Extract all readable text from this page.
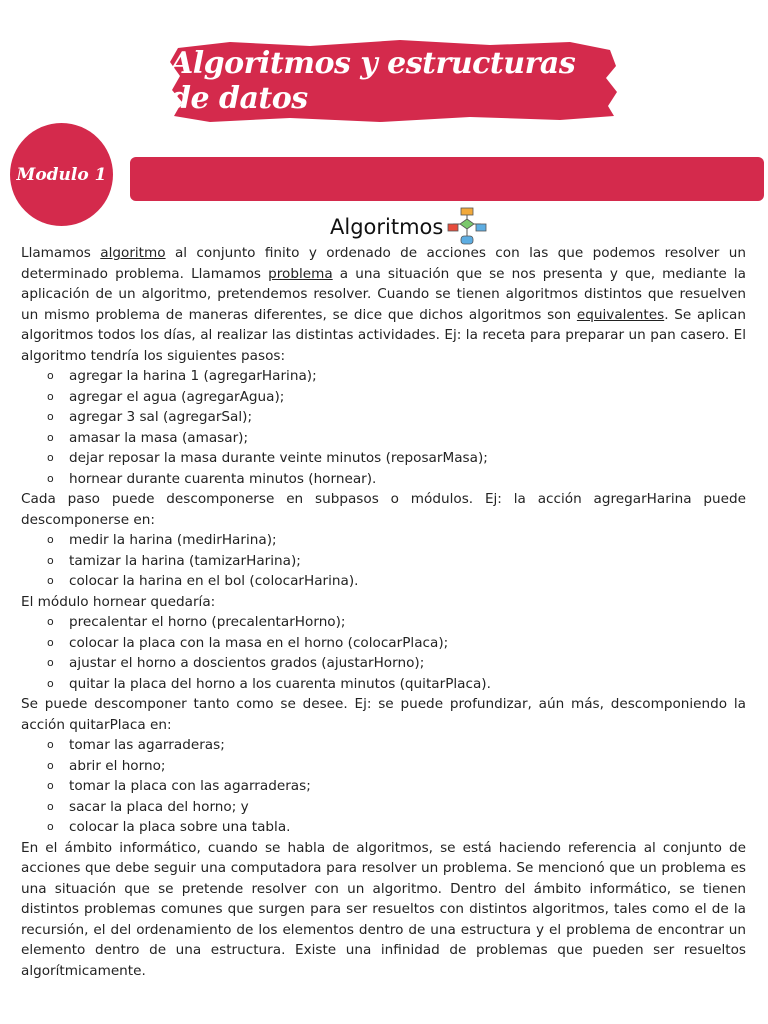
Algoritmos y estructuras de datos
Modulo 1
Algoritmos

Llamamos algoritmo al conjunto finito y ordenado de acciones con las que podemos resolver un determinado problema. Llamamos problema a una situación que se nos presenta y que, mediante la aplicación de un algoritmo, pretendemos resolver. Cuando se tienen algoritmos distintos que resuelven un mismo problema de maneras diferentes, se dice que dichos algoritmos son equivalentes. Se aplican algoritmos todos los días, al realizar las distintas actividades. Ej: la receta para preparar un pan casero. El algoritmo tendría los siguientes pasos:

o agregar la harina 1 (agregarHarina);
o agregar el agua (agregarAgua);
o agregar 3 sal (agregarSal);
o amasar la masa (amasar);
o dejar reposar la masa durante veinte minutos (reposarMasa);
o hornear durante cuarenta minutos (hornear).

Cada paso puede descomponerse en subpasos o módulos. Ej: la acción agregarHarina puede descomponerse en:

o medir la harina (medirHarina);
o tamizar la harina (tamizarHarina);
o colocar la harina en el bol (colocarHarina).

El módulo hornear quedaría:

o precalentar el horno (precalentarHorno);
o colocar la placa con la masa en el horno (colocarPlaca);
o ajustar el horno a doscientos grados (ajustarHorno);
o quitar la placa del horno a los cuarenta minutos (quitarPlaca).

Se puede descomponer tanto como se desee. Ej: se puede profundizar, aún más, descomponiendo la acción quitarPlaca en:

o tomar las agarraderas;
o abrir el horno;
o tomar la placa con las agarraderas;
o sacar la placa del horno; y
o colocar la placa sobre una tabla.

En el ámbito informático, cuando se habla de algoritmos, se está haciendo referencia al conjunto de acciones que debe seguir una computadora para resolver un problema. Se mencionó que un problema es una situación que se pretende resolver con un algoritmo. Dentro del ámbito informático, se tienen distintos problemas comunes que surgen para ser resueltos con distintos algoritmos, tales como el de la recursión, el del ordenamiento de los elementos dentro de una estructura y el problema de encontrar un elemento dentro de una estructura. Existe una infinidad de problemas que pueden ser resueltos algorítmicamente.
